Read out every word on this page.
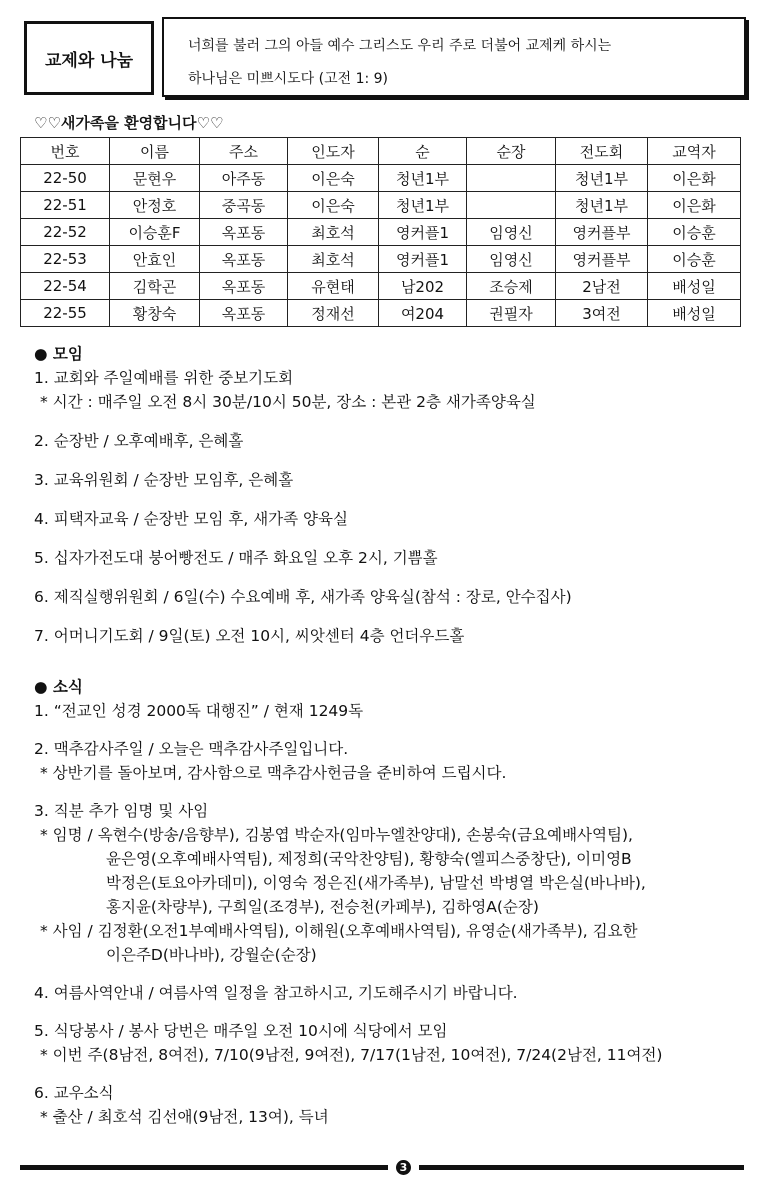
교제와 나눔
너희를 불러 그의 아들 예수 그리스도 우리 주로 더불어 교제케 하시는
하나님은 미쁘시도다 (고전 1: 9)
♡♡새가족을 환영합니다♡♡
번호	이름	주소	인도자	순	순장	전도회	교역자
22-50	문현우	아주동	이은숙	청년1부		청년1부	이은화
22-51	안정호	중곡동	이은숙	청년1부		청년1부	이은화
22-52	이승훈F	옥포동	최호석	영커플1	임영신	영커플부	이승훈
22-53	안효인	옥포동	최호석	영커플1	임영신	영커플부	이승훈
22-54	김학곤	옥포동	유현태	남202	조승제	2남전	배성일
22-55	황창숙	옥포동	정재선	여204	권필자	3여전	배성일
● 모임
1. 교회와 주일예배를 위한 중보기도회
* 시간 : 매주일 오전 8시 30분/10시 50분, 장소 : 본관 2층 새가족양육실
2. 순장반 / 오후예배후, 은혜홀
3. 교육위원회 / 순장반 모임후, 은혜홀
4. 피택자교육 / 순장반 모임 후, 새가족 양육실
5. 십자가전도대 붕어빵전도 / 매주 화요일 오후 2시, 기쁨홀
6. 제직실행위원회 / 6일(수) 수요예배 후, 새가족 양육실(참석 : 장로, 안수집사)
7. 어머니기도회 / 9일(토) 오전 10시, 씨앗센터 4층 언더우드홀
● 소식
1. “전교인 성경 2000독 대행진” / 현재 1249독
2. 맥추감사주일 / 오늘은 맥추감사주일입니다.
* 상반기를 돌아보며, 감사함으로 맥추감사헌금을 준비하여 드립시다.
3. 직분 추가 임명 및 사임
* 임명 / 옥현수(방송/음향부), 김봉엽 박순자(임마누엘찬양대), 손봉숙(금요예배사역팀),
윤은영(오후예배사역팀), 제정희(국악찬양팀), 황향숙(엘피스중창단), 이미영B
박정은(토요아카데미), 이영숙 정은진(새가족부), 남말선 박병열 박은실(바나바),
홍지윤(차량부), 구희일(조경부), 전승천(카페부), 김하영A(순장)
* 사임 / 김정환(오전1부예배사역팀), 이해원(오후예배사역팀), 유영순(새가족부), 김요한
이은주D(바나바), 강월순(순장)
4. 여름사역안내 / 여름사역 일정을 참고하시고, 기도해주시기 바랍니다.
5. 식당봉사 / 봉사 당번은 매주일 오전 10시에 식당에서 모임
* 이번 주(8남전, 8여전), 7/10(9남전, 9여전), 7/17(1남전, 10여전), 7/24(2남전, 11여전)
6. 교우소식
* 출산 / 최호석 김선애(9남전, 13여), 득녀
3
